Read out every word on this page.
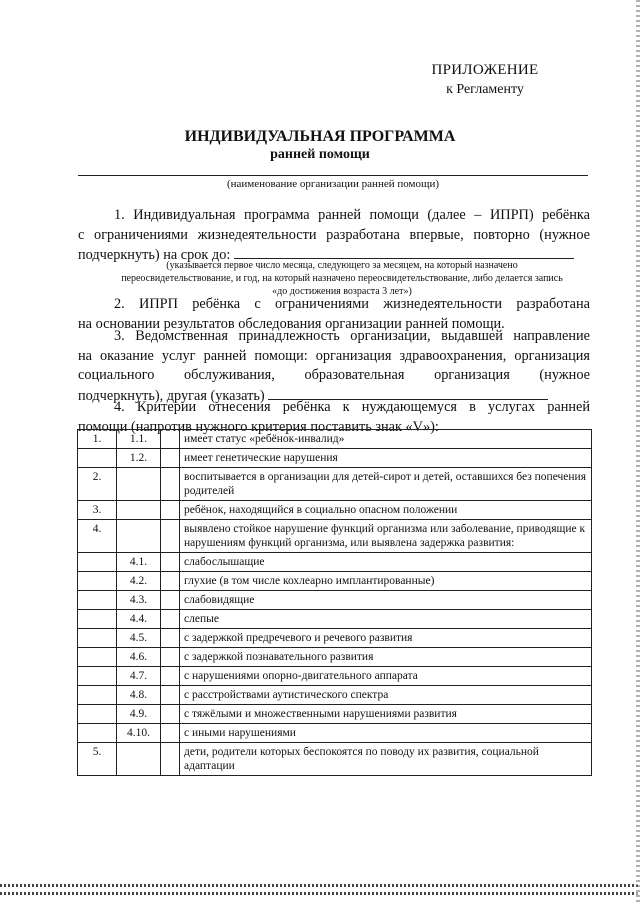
ПРИЛОЖЕНИЕ
к Регламенту
ИНДИВИДУАЛЬНАЯ ПРОГРАММА
ранней помощи
(наименование организации ранней помощи)
1. Индивидуальная программа ранней помощи (далее – ИПРП) ребёнка
с ограничениями жизнедеятельности разработана впервые, повторно (нужное
подчеркнуть) на срок до:
(указывается первое число месяца, следующего за месяцем, на который назначено
переосвидетельствование, и год, на который назначено переосвидетельствование, либо делается запись
«до достижения возраста 3 лет»)
2. ИПРП ребёнка с ограничениями жизнедеятельности разработана
на основании результатов обследования организации ранней помощи.
3. Ведомственная принадлежность организации, выдавшей направление
на оказание услуг ранней помощи: организация здравоохранения, организация
социального обслуживания, образовательная организация (нужное
подчеркнуть), другая (указать)
4. Критерии отнесения ребёнка к нуждающемуся в услугах ранней
помощи (напротив нужного критерия поставить знак «V»):
1.	1.1.		имеет статус «ребёнок-инвалид»
	1.2.		имеет генетические нарушения
2.			воспитывается в организации для детей-сирот и детей, оставшихся без попечения родителей
3.			ребёнок, находящийся в социально опасном положении
4.			выявлено стойкое нарушение функций организма или заболевание, приводящие к нарушениям функций организма, или выявлена задержка развития:
	4.1.		слабослышащие
	4.2.		глухие (в том числе кохлеарно имплантированные)
	4.3.		слабовидящие
	4.4.		слепые
	4.5.		с задержкой предречевого и речевого развития
	4.6.		с задержкой познавательного развития
	4.7.		с нарушениями опорно-двигательного аппарата
	4.8.		с расстройствами аутистического спектра
	4.9.		с тяжёлыми и множественными нарушениями развития
	4.10.		с иными нарушениями
5.			дети, родители которых беспокоятся по поводу их развития, социальной адаптации
